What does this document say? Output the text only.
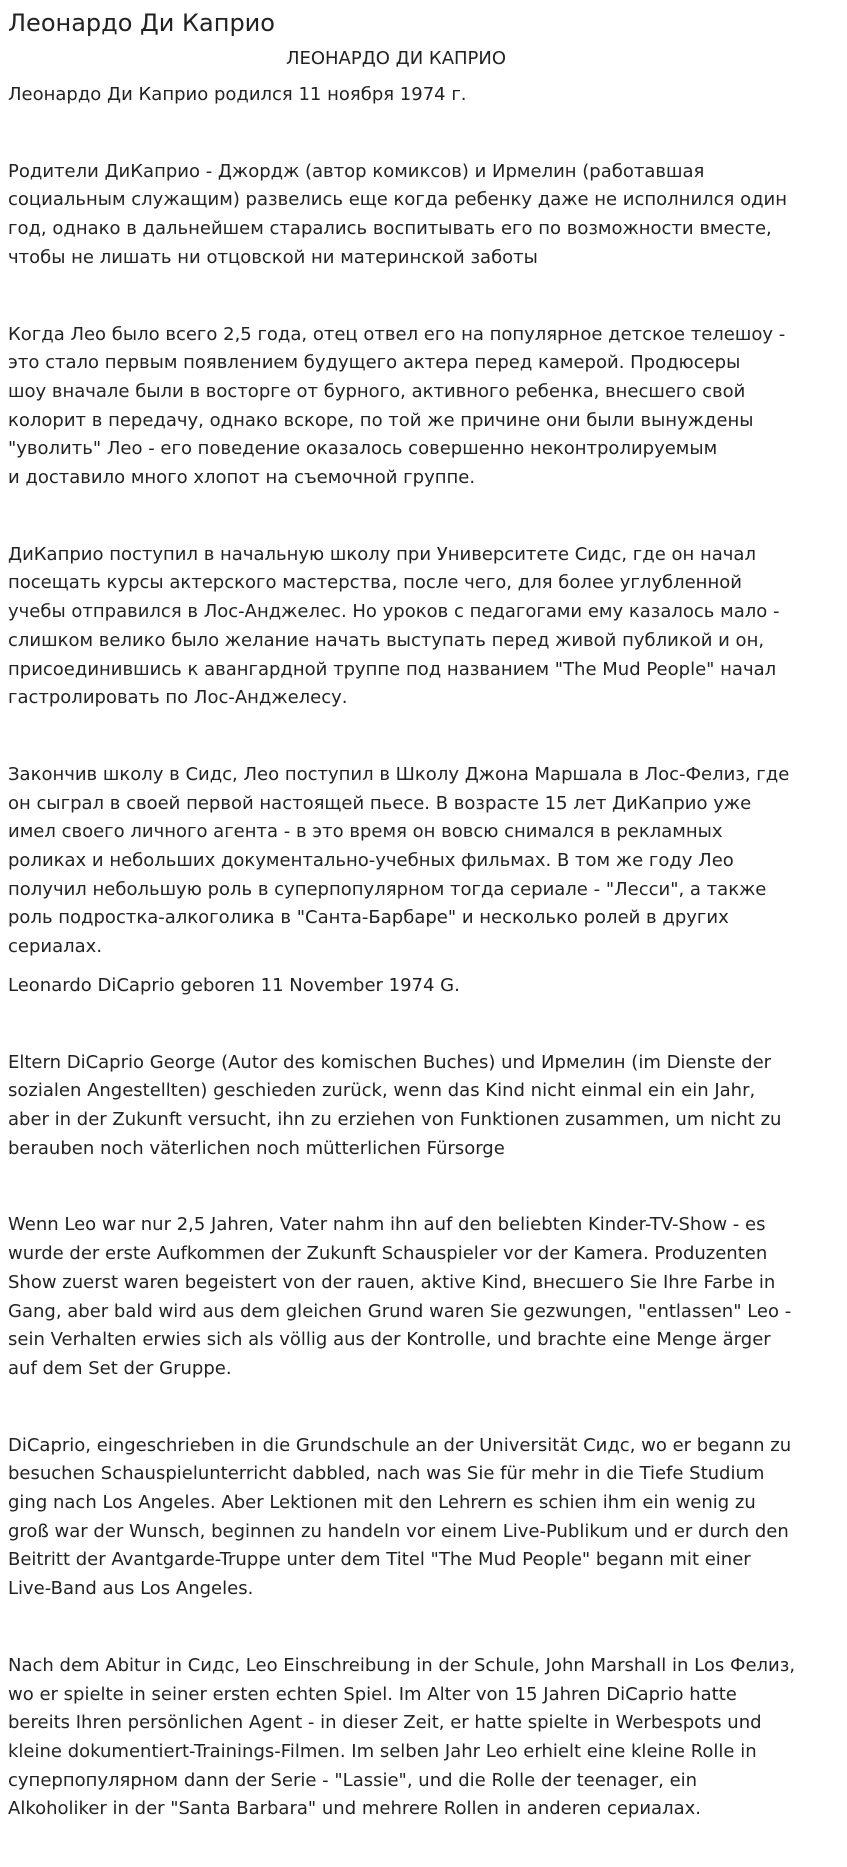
Леонардо Ди Каприо
ЛЕОНАРДО ДИ КАПРИО

Леонардо Ди Каприо родился 11 ноября 1974 г.

Родители ДиКаприо - Джордж (автор комиксов) и Ирмелин (работавшая
социальным служащим) развелись еще когда ребенку даже не исполнился один
год, однако в дальнейшем старались воспитывать его по возможности вместе,
чтобы не лишать ни отцовской ни материнской заботы

Когда Лео было всего 2,5 года, отец отвел его на популярное детское телешоу -
это стало первым появлением будущего актера перед камерой. Продюсеры
шоу вначале были в восторге от бурного, активного ребенка, внесшего свой
колорит в передачу, однако вскоре, по той же причине они были вынуждены
"уволить" Лео - его поведение оказалось совершенно неконтролируемым
и доставило много хлопот на съемочной группе.

ДиКаприо поступил в начальную школу при Университете Сидс, где он начал
посещать курсы актерского мастерства, после чего, для более углубленной
учебы отправился в Лос-Анджелес. Но уроков с педагогами ему казалось мало -
слишком велико было желание начать выступать перед живой публикой и он,
присоединившись к авангардной труппе под названием "The Mud People" начал
гастролировать по Лос-Анджелесу.

Закончив школу в Сидс, Лео поступил в Школу Джона Маршала в Лос-Фелиз, где
он сыграл в своей первой настоящей пьесе. В возрасте 15 лет ДиКаприо уже
имел своего личного агента - в это время он вовсю снимался в рекламных
роликах и небольших документально-учебных фильмах. В том же году Лео
получил небольшую роль в суперпопулярном тогда сериале - "Лесси", а также
роль подростка-алкоголика в "Санта-Барбаре" и несколько ролей в других
сериалах.

Leonardo DiCaprio geboren 11 November 1974 G.

Eltern DiCaprio George (Autor des komischen Buches) und Ирмелин (im Dienste der
sozialen Angestellten) geschieden zurück, wenn das Kind nicht einmal ein ein Jahr,
aber in der Zukunft versucht, ihn zu erziehen von Funktionen zusammen, um nicht zu
berauben noch väterlichen noch mütterlichen Fürsorge

Wenn Leo war nur 2,5 Jahren, Vater nahm ihn auf den beliebten Kinder-TV-Show - es
wurde der erste Aufkommen der Zukunft Schauspieler vor der Kamera. Produzenten
Show zuerst waren begeistert von der rauen, aktive Kind, внесшего Sie Ihre Farbe in
Gang, aber bald wird aus dem gleichen Grund waren Sie gezwungen, "entlassen" Leo -
sein Verhalten erwies sich als völlig aus der Kontrolle, und brachte eine Menge ärger
auf dem Set der Gruppe.

DiCaprio, eingeschrieben in die Grundschule an der Universität Сидс, wo er begann zu
besuchen Schauspielunterricht dabbled, nach was Sie für mehr in die Tiefe Studium
ging nach Los Angeles. Aber Lektionen mit den Lehrern es schien ihm ein wenig zu
groß war der Wunsch, beginnen zu handeln vor einem Live-Publikum und er durch den
Beitritt der Avantgarde-Truppe unter dem Titel "The Mud People" begann mit einer
Live-Band aus Los Angeles.

Nach dem Abitur in Сидс, Leo Einschreibung in der Schule, John Marshall in Los Фелиз,
wo er spielte in seiner ersten echten Spiel. Im Alter von 15 Jahren DiCaprio hatte
bereits Ihren persönlichen Agent - in dieser Zeit, er hatte spielte in Werbespots und
kleine dokumentiert-Trainings-Filmen. Im selben Jahr Leo erhielt eine kleine Rolle in
суперпопулярном dann der Serie - "Lassie", und die Rolle der teenager, ein
Alkoholiker in der "Santa Barbara" und mehrere Rollen in anderen сериалах.
